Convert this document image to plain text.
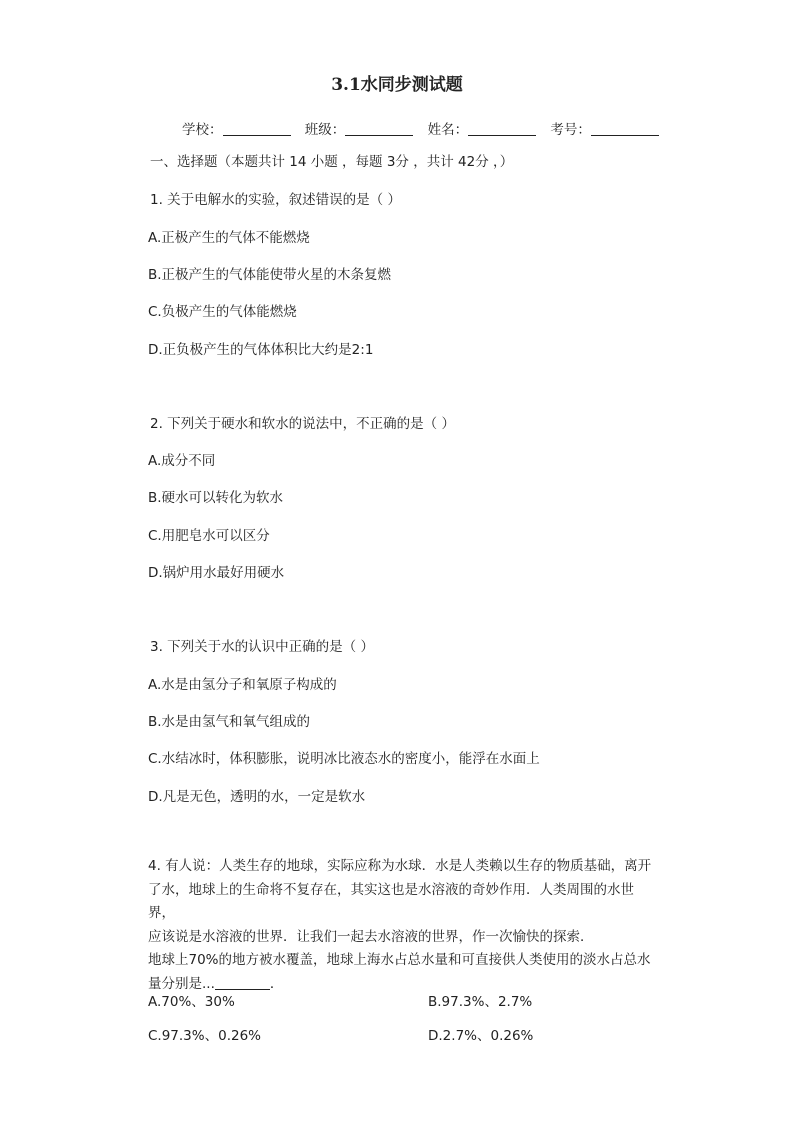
3.1水同步测试题
学校：	班级：	姓名：	考号：
一、选择题（本题共计 14 小题 ，每题 3分 ，共计 42分 ，）
1. 关于电解水的实验，叙述错误的是（ ）
A.正极产生的气体不能燃烧
B.正极产生的气体能使带火星的木条复燃
C.负极产生的气体能燃烧
D.正负极产生的气体体积比大约是2:1
2. 下列关于硬水和软水的说法中，不正确的是（ ）
A.成分不同
B.硬水可以转化为软水
C.用肥皂水可以区分
D.锅炉用水最好用硬水
3. 下列关于水的认识中正确的是（ ）
A.水是由氢分子和氧原子构成的
B.水是由氢气和氧气组成的
C.水结冰时，体积膨胀，说明冰比液态水的密度小，能浮在水面上
D.凡是无色，透明的水，一定是软水
4. 有人说：人类生存的地球，实际应称为水球．水是人类赖以生存的物质基础，离开
了水，地球上的生命将不复存在，其实这也是水溶液的奇妙作用．人类周围的水世界，
应该说是水溶液的世界．让我们一起去水溶液的世界，作一次愉快的探索．
地球上70%的地方被水覆盖，地球上海水占总水量和可直接供人类使用的淡水占总水
量分别是...	．
A.70%、30%	B.97.3%、2.7%
C.97.3%、0.26%	D.2.7%、0.26%
